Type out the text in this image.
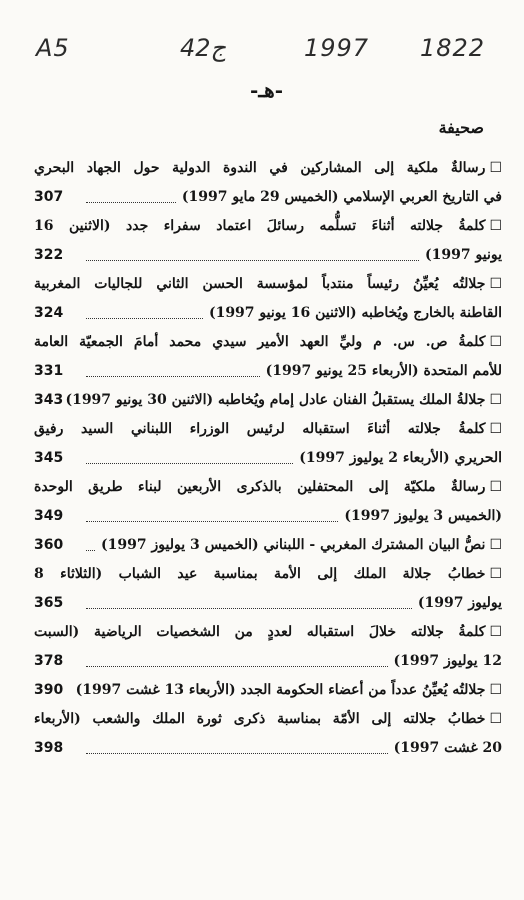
A5	42ج	1997 1822
-هـ-
صحيفة
☐رسالةٌ ملكية إلى المشاركين في الندوة الدولية حول الجهاد البحري
في التاريخ العربي الإسلامي (الخميس 29 مايو 1997)
307
☐كلمةُ جلالته أثناءَ تسلُّمه رسائلَ اعتماد سفراء جدد (الاثنين 16
يونيو 1997)
322
☐جلالتُه يُعيِّنُ رئيساً منتدباً لمؤسسة الحسن الثاني للجاليات المغربية
القاطنة بالخارج ويُخاطبه (الاثنين 16 يونيو 1997)
324
☐كلمةُ ص. س. م وليِّ العهد الأمير سيدي محمد أمامَ الجمعيّة العامة
للأمم المتحدة (الأربعاء 25 يونيو 1997)
331
☐جلالةُ الملك يستقبلُ الفنان عادل إمام ويُخاطبه (الاثنين 30 يونيو 1997)
343
☐كلمةُ جلالته أثناءَ استقباله لرئيس الوزراء اللبناني السيد رفيق
الحريري (الأربعاء 2 يوليوز 1997)
345
☐رسالةٌ ملكيّة إلى المحتفلين بالذكرى الأربعين لبناء طريق الوحدة
(الخميس 3 يوليوز 1997)
349
☐نصُّ البيان المشترك المغربي - اللبناني (الخميس 3 يوليوز 1997)
360
☐خطابُ جلالة الملك إلى الأمة بمناسبة عيد الشباب (الثلاثاء 8
يوليوز 1997)
365
☐كلمةُ جلالته خلالَ استقباله لعددٍ من الشخصيات الرياضية (السبت
12 يوليوز 1997)
378
☐جلالتُه يُعيِّنُ عدداً من أعضاء الحكومة الجدد (الأربعاء 13 غشت 1997)
390
☐خطابُ جلالته إلى الأمّة بمناسبة ذكرى ثورة الملك والشعب (الأربعاء
20 غشت 1997)
398
